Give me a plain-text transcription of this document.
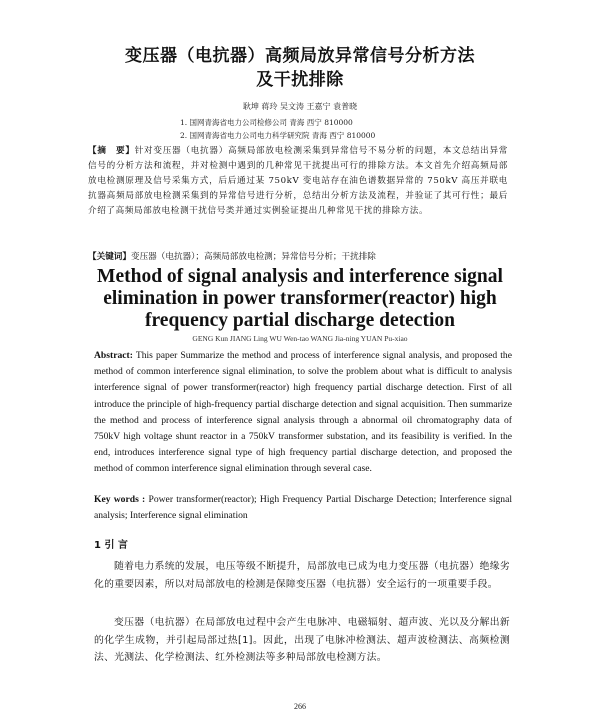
变压器（电抗器）高频局放异常信号分析方法
及干扰排除
耿坤 蒋玲 吴文涛 王嘉宁 袁普晓
1. 国网青海省电力公司检修公司 青海 西宁 810000
2. 国网青海省电力公司电力科学研究院 青海 西宁 810000
【摘　要】针对变压器（电抗器）高频局部放电检测采集到异常信号不易分析的问题，本文总结出异常信号的分析方法和流程，并对检测中遇到的几种常见干扰提出可行的排除方法。本文首先介绍高频局部放电检测原理及信号采集方式，后后通过某 750kV 变电站存在油色谱数据异常的 750kV 高压并联电抗器高频局部放电检测采集到的异常信号进行分析，总结出分析方法及流程，并验证了其可行性；最后介绍了高频局部放电检测干扰信号类并通过实例验证提出几种常见干扰的排除方法。
【关键词】变压器（电抗器）；高频局部放电检测；异常信号分析；干扰排除
Method of signal analysis and interference signal
elimination in power transformer(reactor) high
frequency partial discharge detection
GENG Kun JIANG Ling WU Wen-tao WANG Jia-ning YUAN Pu-xiao
Abstract: This paper Summarize the method and process of interference signal analysis, and proposed the method of common interference signal elimination, to solve the problem about what is difficult to analysis interference signal of power transformer(reactor) high frequency partial discharge detection. First of all introduce the principle of high-frequency partial discharge detection and signal acquisition. Then summarize the method and process of interference signal analysis through a abnormal oil chromatography data of 750kV high voltage shunt reactor in a 750kV transformer substation, and its feasibility is verified. In the end, introduces interference signal type of high frequency partial discharge detection, and proposed the method of common interference signal elimination through several case.
Key words : Power transformer(reactor); High Frequency Partial Discharge Detection; Interference signal analysis; Interference signal elimination
1 引 言
随着电力系统的发展，电压等级不断提升，局部放电已成为电力变压器（电抗器）绝缘劣化的重要因素，所以对局部放电的检测是保障变压器（电抗器）安全运行的一项重要手段。
变压器（电抗器）在局部放电过程中会产生电脉冲、电磁辐射、超声波、光以及分解出新的化学生成物，并引起局部过热[1]。因此，出现了电脉冲检测法、超声波检测法、高频检测法、光测法、化学检测法、红外检测法等多种局部放电检测方法。
266
